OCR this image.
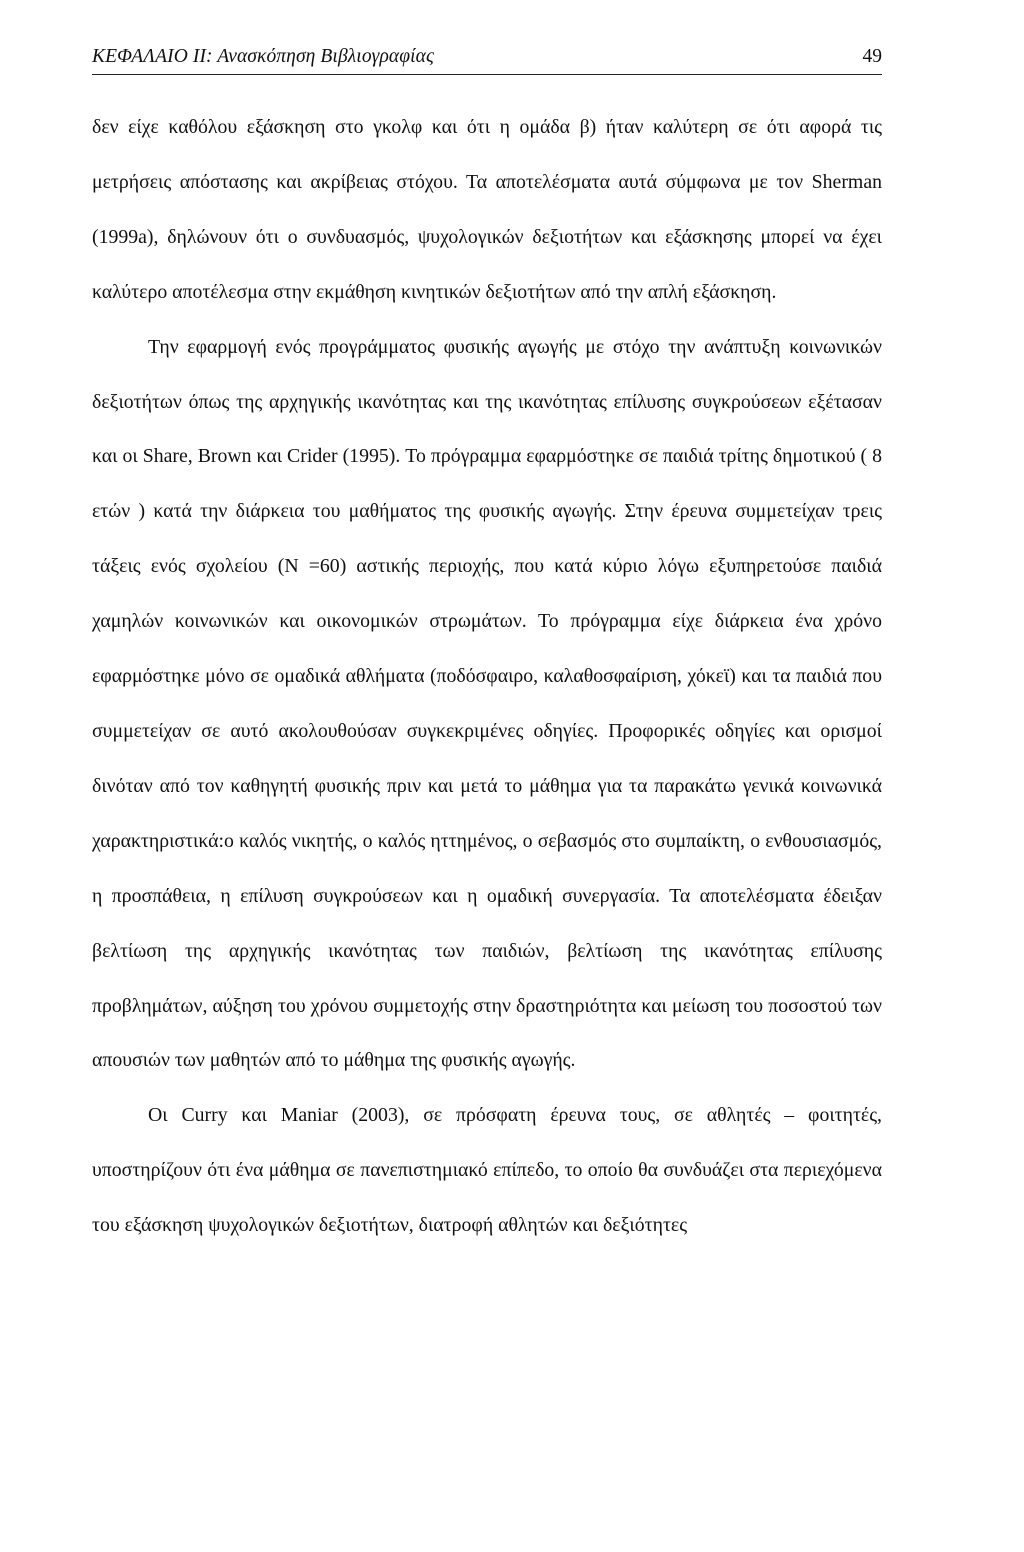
ΚΕΦΑΛΑΙΟ ΙΙ: Ανασκόπηση Βιβλιογραφίας	49

δεν είχε καθόλου εξάσκηση στο γκολφ και ότι η ομάδα β) ήταν καλύτερη σε ότι αφορά τις μετρήσεις απόστασης και ακρίβειας στόχου. Τα αποτελέσματα αυτά σύμφωνα με τον Sherman (1999a), δηλώνουν ότι ο συνδυασμός, ψυχολογικών δεξιοτήτων και εξάσκησης μπορεί να έχει καλύτερο αποτέλεσμα στην εκμάθηση κινητικών δεξιοτήτων από την απλή εξάσκηση.

Την εφαρμογή ενός προγράμματος φυσικής αγωγής με στόχο την ανάπτυξη κοινωνικών δεξιοτήτων όπως της αρχηγικής ικανότητας και της ικανότητας επίλυσης συγκρούσεων εξέτασαν και οι Share, Brown και Crider (1995). Το πρόγραμμα εφαρμόστηκε σε παιδιά τρίτης δημοτικού ( 8 ετών ) κατά την διάρκεια του μαθήματος της φυσικής αγωγής. Στην έρευνα συμμετείχαν τρεις τάξεις ενός σχολείου (Ν =60) αστικής περιοχής, που κατά κύριο λόγω εξυπηρετούσε παιδιά χαμηλών κοινωνικών και οικονομικών στρωμάτων. Το πρόγραμμα είχε διάρκεια ένα χρόνο εφαρμόστηκε μόνο σε ομαδικά αθλήματα (ποδόσφαιρο, καλαθοσφαίριση, χόκεϊ) και τα παιδιά που συμμετείχαν σε αυτό ακολουθούσαν συγκεκριμένες οδηγίες. Προφορικές οδηγίες και ορισμοί δινόταν από τον καθηγητή φυσικής πριν και μετά το μάθημα για τα παρακάτω γενικά κοινωνικά χαρακτηριστικά:ο καλός νικητής, ο καλός ηττημένος, ο σεβασμός στο συμπαίκτη, ο ενθουσιασμός, η προσπάθεια, η επίλυση συγκρούσεων και η ομαδική συνεργασία. Τα αποτελέσματα έδειξαν βελτίωση της αρχηγικής ικανότητας των παιδιών, βελτίωση της ικανότητας επίλυσης προβλημάτων, αύξηση του χρόνου συμμετοχής στην δραστηριότητα και μείωση του ποσοστού των απουσιών των μαθητών από το μάθημα της φυσικής αγωγής.

Οι Curry και Maniar (2003), σε πρόσφατη έρευνα τους, σε αθλητές – φοιτητές, υποστηρίζουν ότι ένα μάθημα σε πανεπιστημιακό επίπεδο, το οποίο θα συνδυάζει στα περιεχόμενα του εξάσκηση ψυχολογικών δεξιοτήτων, διατροφή αθλητών και δεξιότητες
